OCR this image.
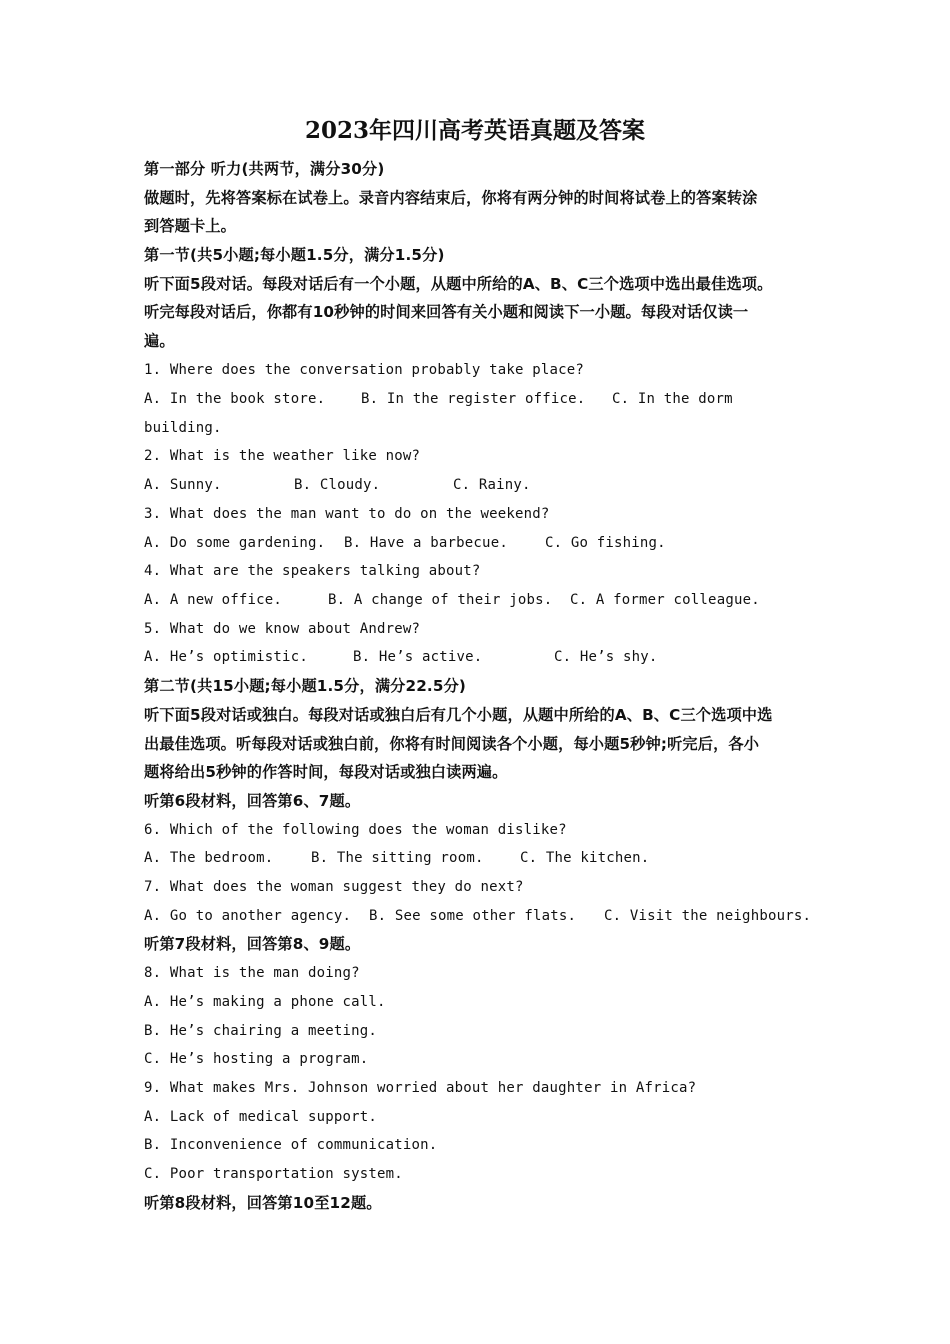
2023年四川高考英语真题及答案
第一部分 听力(共两节，满分30分)
做题时，先将答案标在试卷上。录音内容结束后，你将有两分钟的时间将试卷上的答案转涂
到答题卡上。
第一节(共5小题;每小题1.5分，满分1.5分)
听下面5段对话。每段对话后有一个小题，从题中所给的A、B、C三个选项中选出最佳选项。
听完每段对话后，你都有10秒钟的时间来回答有关小题和阅读下一小题。每段对话仅读一
遍。
1. Where does the conversation probably take place?
A. In the book store.	B. In the register office. C. In the dorm
building.
2. What is the weather like now?
A. Sunny.	B. Cloudy.	C. Rainy.
3. What does the man want to do on the weekend?
A. Do some gardening. B. Have a barbecue.	C. Go fishing.
4. What are the speakers talking about?
A. A new office.	B. A change of their jobs. C. A former colleague.
5. What do we know about Andrew?
A. He’s optimistic.	B. He’s active.	C. He’s shy.
第二节(共15小题;每小题1.5分，满分22.5分)
听下面5段对话或独白。每段对话或独白后有几个小题，从题中所给的A、B、C三个选项中选
出最佳选项。听每段对话或独白前，你将有时间阅读各个小题，每小题5秒钟;听完后，各小
题将给出5秒钟的作答时间，每段对话或独白读两遍。
听第6段材料，回答第6、7题。
6. Which of the following does the woman dislike?
A. The bedroom.	B. The sitting room.	C. The kitchen.
7. What does the woman suggest they do next?
A. Go to another agency. B. See some other flats. C. Visit the neighbours.
听第7段材料，回答第8、9题。
8. What is the man doing?
A. He’s making a phone call.
B. He’s chairing a meeting.
C. He’s hosting a program.
9. What makes Mrs. Johnson worried about her daughter in Africa?
A. Lack of medical support.
B. Inconvenience of communication.
C. Poor transportation system.
听第8段材料，回答第10至12题。
